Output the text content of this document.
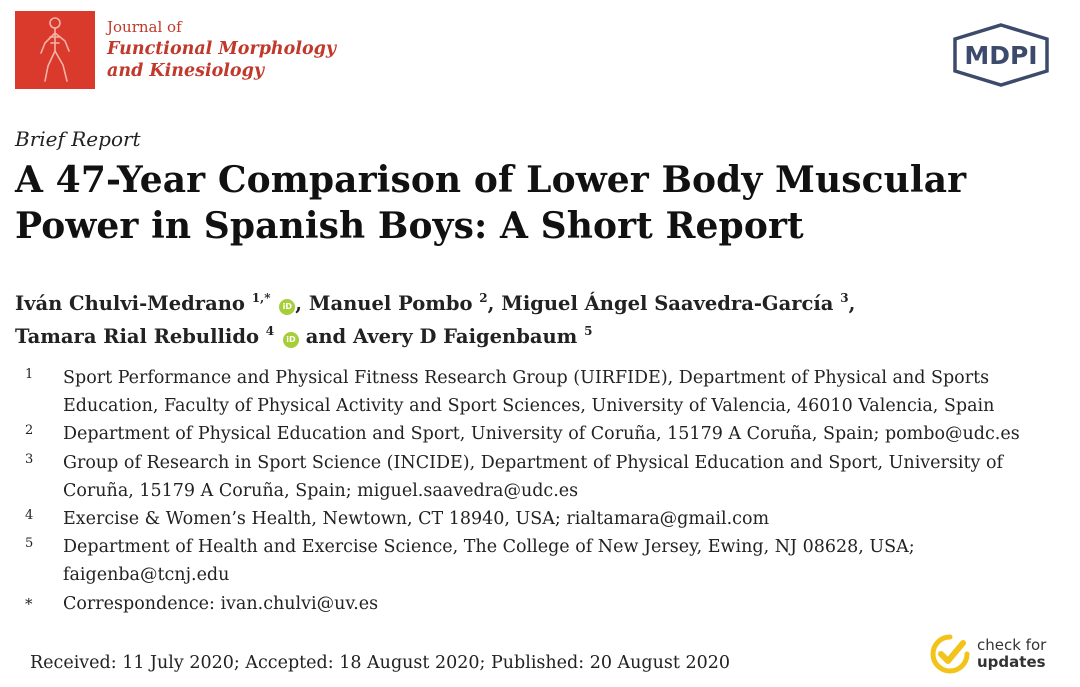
Journal of
Functional Morphology
and Kinesiology
MDPI
Brief Report
A 47-Year Comparison of Lower Body Muscular
Power in Spanish Boys: A Short Report
Iván Chulvi-Medrano $^{1,*}$ iD , Manuel Pombo $^2$, Miguel Ángel Saavedra-García $^3$,
Tamara Rial Rebullido $^4$ iD and Avery D Faigenbaum $^5$
1 Sport Performance and Physical Fitness Research Group (UIRFIDE), Department of Physical and Sports Education, Faculty of Physical Activity and Sport Sciences, University of Valencia, 46010 Valencia, Spain
2 Department of Physical Education and Sport, University of Coruña, 15179 A Coruña, Spain; pombo@udc.es
3 Group of Research in Sport Science (INCIDE), Department of Physical Education and Sport, University of Coruña, 15179 A Coruña, Spain; miguel.saavedra@udc.es
4 Exercise & Women’s Health, Newtown, CT 18940, USA; rialtamara@gmail.com
5 Department of Health and Exercise Science, The College of New Jersey, Ewing, NJ 08628, USA; faigenba@tcnj.edu
* Correspondence: ivan.chulvi@uv.es
Received: 11 July 2020; Accepted: 18 August 2020; Published: 20 August 2020
check for
updates
